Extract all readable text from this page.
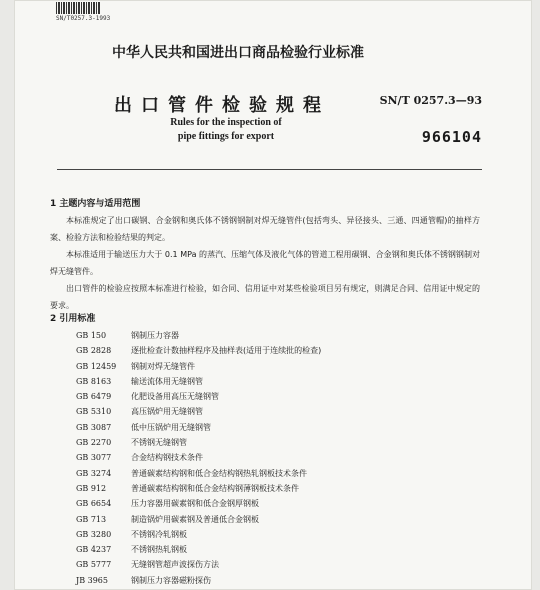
SN/T0257.3-1993
中华人民共和国进出口商品检验行业标准
出口管件检验规程	SN/T 0257.3—93
Rules for the inspection of
pipe fittings for export	966104
1 主题内容与适用范围

本标准规定了出口碳钢、合金钢和奥氏体不锈钢钢制对焊无缝管件(包括弯头、异径接头、三通、四通管帽)的抽样方案、检验方法和检验结果的判定。

本标准适用于输送压力大于 0.1 MPa 的蒸汽、压缩气体及液化气体的管道工程用碳钢、合金钢和奥氏体不锈钢钢制对焊无缝管件。

出口管件的检验应按照本标准进行检验，如合同、信用证中对某些检验项目另有规定，则满足合同、信用证中规定的要求。

2 引用标准
GB 150	钢制压力容器
GB 2828 逐批检查计数抽样程序及抽样表(适用于连续批的检查)
GB 12459 钢制对焊无缝管件
GB 8163 输送流体用无缝钢管
GB 6479 化肥设备用高压无缝钢管
GB 5310 高压锅炉用无缝钢管
GB 3087 低中压锅炉用无缝钢管
GB 2270 不锈钢无缝钢管
GB 3077 合金结构钢技术条件
GB 3274 普通碳素结构钢和低合金结构钢热轧钢板技术条件
GB 912	普通碳素结构钢和低合金结构钢薄钢板技术条件
GB 6654 压力容器用碳素钢和低合金钢厚钢板
GB 713	制造锅炉用碳素钢及普通低合金钢板
GB 3280 不锈钢冷轧钢板
GB 4237 不锈钢热轧钢板
GB 5777 无缝钢管超声波探伤方法
JB 3965	钢制压力容器磁粉探伤
